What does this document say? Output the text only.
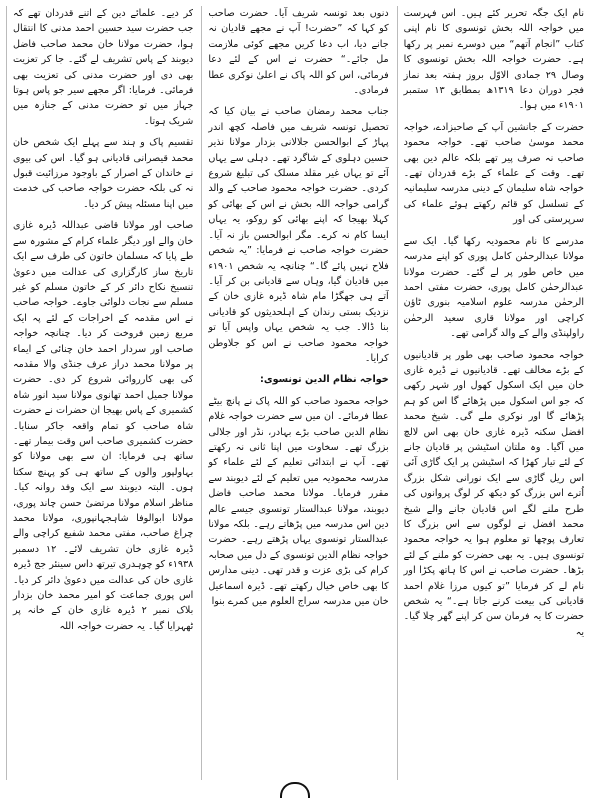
نام ایک جگہ تحریر کئے ہیں۔ اس فہرست میں خواجہ اللہ بخش تونسوی کا نام اپنی کتاب ”انجام آتھم“ میں دوسرے نمبر پر رکھا ہے۔ حضرت خواجہ اللہ بخش تونسوی کا وصال ۲۹ جمادی الاوّل بروز ہفتہ بعد نماز فجر دوران دعا ۱۳۱۹ھ بمطابق ۱۳ ستمبر ۱۹۰۱ء میں ہوا۔

حضرت کے جانشین آپ کے صاحبزادے، خواجہ محمد موسیٰ صاحب تھے۔ خواجہ محمود صاحب نہ صرف پیر تھے بلکہ عالم دین بھی تھے۔ وقت کے علماء کے بڑے قدردان تھے۔ خواجہ شاہ سلیمان کے دینی مدرسہ سلیمانیہ کے تسلسل کو قائم رکھتے ہوئے علماء کی سرپرستی کی اور

مدرسے کا نام محمودیہ رکھا گیا۔ ایک سے مولانا عبدالرحمٰن کامل پوری کو اپنے مدرسہ میں خاص طور پر لے گئے۔ حضرت مولانا عبدالرحمٰن کامل پوری، حضرت مفتی احمد الرحمٰن مدرسہ علوم اسلامیہ بنوری ٹاؤن کراچی اور مولانا قاری سعید الرحمٰن راولپنڈی والے کے والد گرامی تھے۔

خواجہ محمود صاحب بھی طور پر قادیانیوں کے بڑے مخالف تھے۔ قادیانیوں نے ڈیرہ غازی خان میں ایک اسکول کھول اور شہر رکھی کہ جو اس اسکول میں پڑھائے گا اس کو ہم پڑھائے گا اور نوکری ملے گی۔ شیخ محمد افضل سکنہ ڈیرہ غازی خان بھی اس لالچ میں آگیا۔ وہ ملتان اسٹیشن پر قادیان جانے کے لئے تیار کھڑا کہ اسٹیشن پر ایک گاڑی آئی اس ریل گاڑی سے ایک نورانی شکل بزرگ اُترے اس بزرگ کو دیکھ کر لوگ پروانوں کی طرح ملنے لگے اس قادیان جانے والے شیخ محمد افضل نے لوگوں سے اس بزرگ کا تعارف پوچھا تو معلوم ہوا یہ خواجہ محمود تونسوی ہیں۔ یہ بھی حضرت کو ملنے کے لئے بڑھا۔ حضرت صاحب نے اس کا ہاتھ پکڑا اور نام لے کر فرمایا ”تو کیوں مرزا غلام احمد قادیانی کی بیعت کرنے جاتا ہے۔“ یہ شخص حضرت کا یہ فرمان سن کر اپنے گھر چلا گیا۔ یہ

دنوں بعد تونسہ شریف آیا۔ حضرت صاحب کو کہا کہ ”حضرت! آپ نے مجھے قادیان نہ جانے دیا، اب دعا کریں مجھے کوئی ملازمت مل جائے۔“ حضرت نے اس کے لئے دعا فرمائی، اس کو اللہ پاک نے اعلیٰ نوکری عطا فرمادی۔

جناب محمد رمضان صاحب نے بیان کیا کہ تحصیل تونسہ شریف میں فاصلہ کچھ اندر پہاڑ کے ابوالحسن جلالانی بزدار مولانا نذیر حسین دہلوی کے شاگرد تھے۔ دہلی سے یہاں آئے تو یہاں غیر مقلد مسلک کی تبلیغ شروع کردی۔ حضرت خواجہ محمود صاحب کے والد گرامی خواجہ اللہ بخش نے اس کے بھائی کو کہلا بھیجا کہ اپنے بھائی کو روکو، یہ یہاں ایسا کام نہ کرے۔ مگر ابوالحسن باز نہ آیا۔ حضرت خواجہ صاحب نے فرمایا: ”یہ شخص فلاح نہیں پائے گا۔“ چنانچہ یہ شخص ۱۹۰۱ء میں قادیان گیا، وہاں سے قادیانی بن کر آیا۔ آتے ہی جھگڑا مام شاہ ڈیرہ غازی خان کے نزدیک بستی رندان کے اہلحدیثوں کو قادیانی بنا ڈالا۔ جب یہ شخص یہاں واپس آیا تو خواجہ محمود صاحب نے اس کو جلاوطن کرایا۔

خواجہ نظام الدین تونسوی:

خواجہ محمود صاحب کو اللہ پاک نے پانچ بیٹے عطا فرمائے۔ ان میں سے حضرت خواجہ غلام نظام الدین صاحب بڑے بہادر، نڈر اور جلالی بزرگ تھے۔ سخاوت میں اپنا ثانی نہ رکھتے تھے۔ آپ نے ابتدائی تعلیم کے لئے علماء کو مدرسہ محمودیہ میں تعلیم کے لئے دیوبند سے مقرر فرمایا۔ مولانا محمد صاحب فاضل دیوبند، مولانا عبدالستار تونسوی جیسے عالم دین اس مدرسہ میں پڑھاتے رہے۔ بلکہ مولانا عبدالستار تونسوی یہاں پڑھتے رہے۔ حضرت خواجہ نظام الدین تونسوی کے دل میں صحابہ کرام کی بڑی عزت و قدر تھی۔ دینی مدارس کا بھی خاص خیال رکھتے تھے۔ ڈیرہ اسماعیل خان میں مدرسہ سراج العلوم میں کمرے بنوا

کر دیے۔ علمائے دین کے اتنے قدردان تھے کہ جب حضرت سید حسین احمد مدنی کا انتقال ہوا، حضرت مولانا خان محمد صاحب فاضل دیوبند کے پاس تشریف لے گئے۔ جا کر تعزیت بھی دی اور حضرت مدنی کی تعزیت بھی فرمائی۔ فرمایا: اگر مجھے سیر جو پاس ہوتا جہاز میں تو حضرت مدنی کے جنازہ میں شریک ہوتا۔

تقسیم پاک و ہند سے پہلے ایک شخص خان محمد قیصرانی قادیانی ہو گیا۔ اس کی بیوی نے خاندان کے اصرار کے باوجود مرزائیت قبول نہ کی بلکہ حضرت خواجہ صاحب کی خدمت میں اپنا مسئلہ پیش کر دیا۔

صاحب اور مولانا قاضی عبداللہ ڈیرہ غازی خان والے اور دیگر علماء کرام کے مشورہ سے طے پایا کہ مسلمان خاتون کی طرف سے ایک تاریخ ساز کارگزاری کی عدالت میں دعویٰ تنسیخ نکاح دائر کر کے خاتون مسلم کو غیر مسلم سے نجات دلوائی جاوے۔ خواجہ صاحب نے اس مقدمہ کے اخراجات کے لئے پہ ایک مربع زمین فروخت کر دیا۔ چنانچہ خواجہ صاحب اور سردار احمد خان چنائی کے ایماء پر مولانا محمد دراز عرف جنڈی والا مقدمہ کی بھی کارروائی شروع کر دی۔ حضرت مولانا جمیل احمد تھانوی مولانا سید انور شاہ کشمیری کے پاس بھیجا ان حضرات نے حضرت شاہ صاحب کو تمام واقعہ جاکر سنایا۔ حضرت کشمیری صاحب اس وقت بیمار تھے۔ ساتھ ہی فرمایا: ان سے بھی مولانا کو بہاولپور والوں کے ساتھ ہی کو پہنچ سکتا ہوں۔ البتہ دیوبند سے ایک وفد روانہ کیا۔ مناظر اسلام مولانا مرتضیٰ حسن چاند پوری، مولانا ابوالوفا شاہجہانپوری، مولانا محمد چراغ صاحب، مفتی محمد شفیع کراچی والے ڈیرہ غازی خان تشریف لائے۔ ۱۲ دسمبر ۱۹۳۸ء کو چوہدری تیرتھ داس سینئر جج ڈیرہ غازی خان کی عدالت میں دعویٰ دائر کر دیا۔ اس پوری جماعت کو امیر محمد خان بزدار بلاک نمبر ۲ ڈیرہ غازی خان کے خانہ پر ٹھہرایا گیا۔ یہ حضرت خواجہ اللہ
